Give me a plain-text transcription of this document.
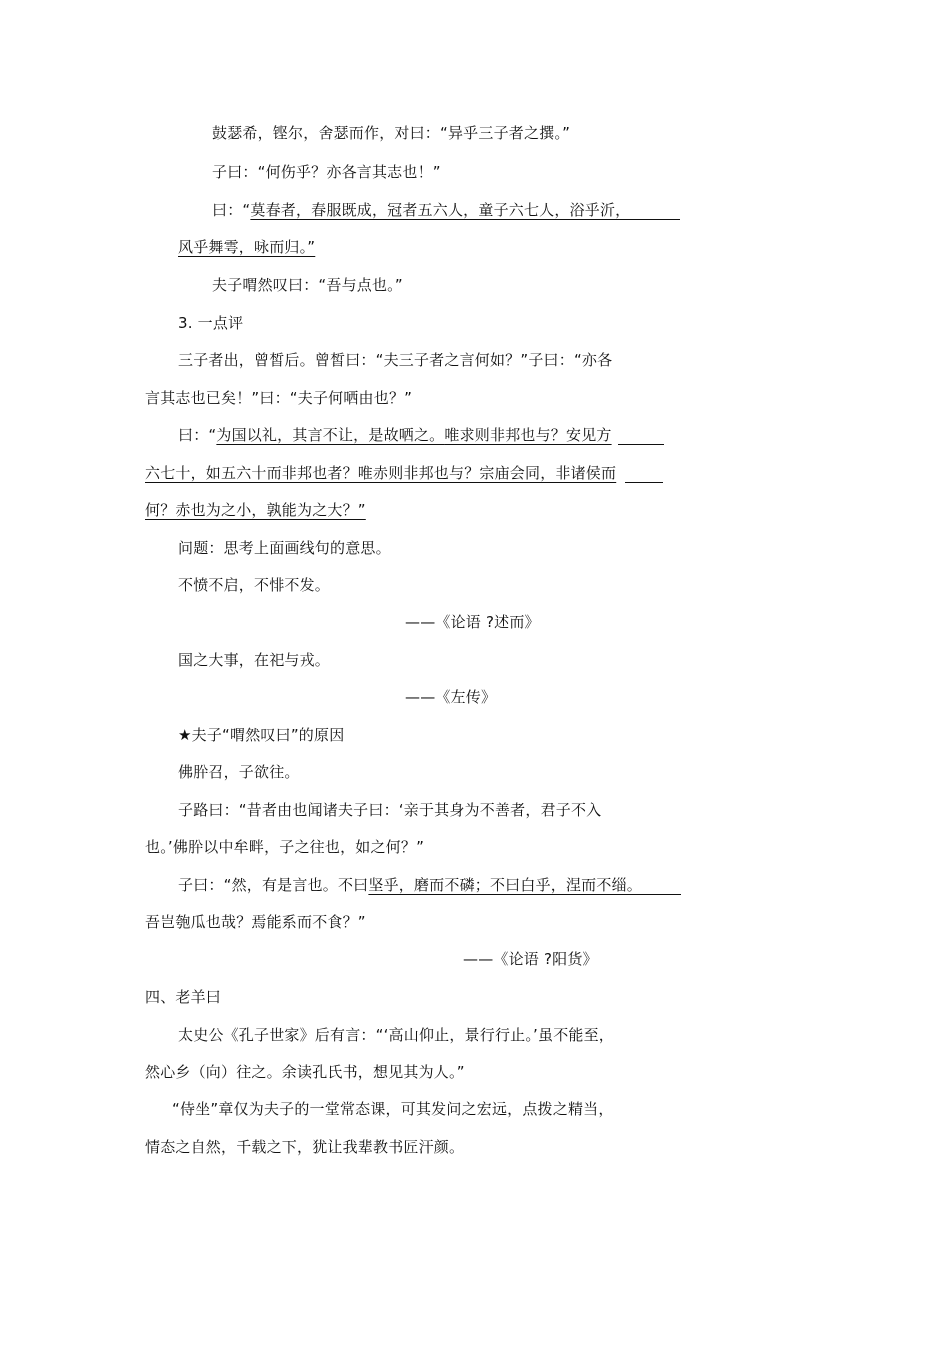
鼓瑟希，铿尔，舍瑟而作，对曰：“异乎三子者之撰。”
子曰：“何伤乎？亦各言其志也！”
曰：“莫春者，春服既成，冠者五六人，童子六七人，浴乎沂，
风乎舞雩，咏而归。”
夫子喟然叹曰：“吾与点也。”
3. 一点评
三子者出，曾皙后。曾皙曰：“夫三子者之言何如？”子曰：“亦各
言其志也已矣！”曰：“夫子何哂由也？”
曰：“为国以礼，其言不让，是故哂之。唯求则非邦也与？安见方
六七十，如五六十而非邦也者？唯赤则非邦也与？宗庙会同，非诸侯而
何？赤也为之小，孰能为之大？”
问题：思考上面画线句的意思。
不愤不启，不悱不发。
——《论语 ?述而》
国之大事，在祀与戎。
——《左传》
★夫子“喟然叹曰”的原因
佛肸召，子欲往。
子路曰：“昔者由也闻诸夫子曰：‘亲于其身为不善者，君子不入
也。’佛肸以中牟畔，子之往也，如之何？”
子曰：“然，有是言也。不曰坚乎，磨而不磷；不曰白乎，涅而不缁。
吾岂匏瓜也哉？焉能系而不食？”
——《论语 ?阳货》
四、老羊曰
太史公《孔子世家》后有言：“‘高山仰止，景行行止。’虽不能至，
然心乡（向）往之。余读孔氏书，想见其为人。”
“侍坐”章仅为夫子的一堂常态课，可其发问之宏远，点拨之精当，
情态之自然，千载之下，犹让我辈教书匠汗颜。
